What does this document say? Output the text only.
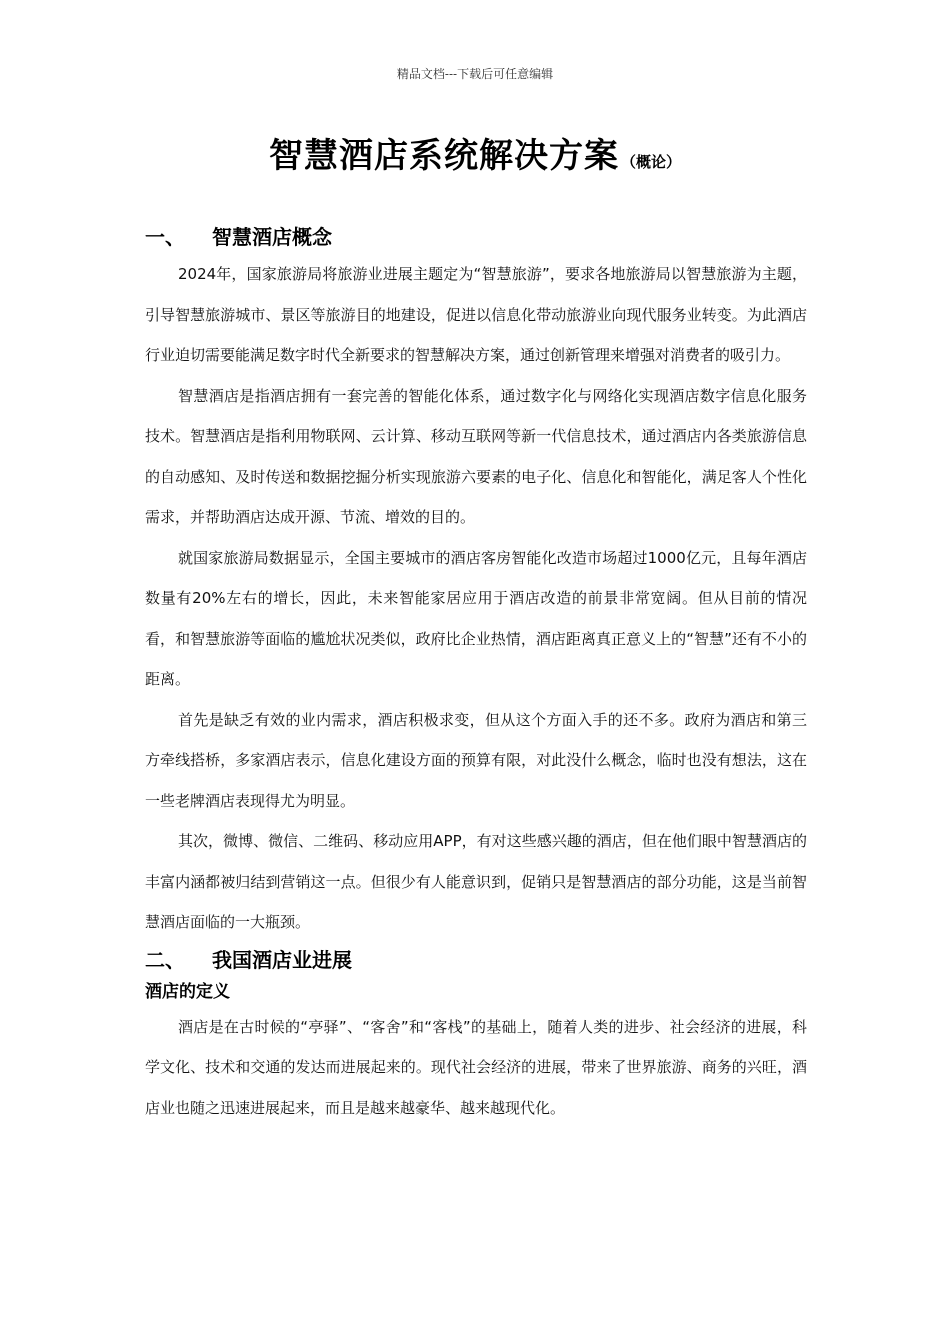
精品文档---下载后可任意编辑
智慧酒店系统解决方案 （概论）
一、 智慧酒店概念

2024年，国家旅游局将旅游业进展主题定为“智慧旅游”，要求各地旅游局以智慧旅游为主题，引导智慧旅游城市、景区等旅游目的地建设，促进以信息化带动旅游业向现代服务业转变。为此酒店行业迫切需要能满足数字时代全新要求的智慧解决方案，通过创新管理来增强对消费者的吸引力。

智慧酒店是指酒店拥有一套完善的智能化体系，通过数字化与网络化实现酒店数字信息化服务技术。智慧酒店是指利用物联网、云计算、移动互联网等新一代信息技术，通过酒店内各类旅游信息的自动感知、及时传送和数据挖掘分析实现旅游六要素的电子化、信息化和智能化，满足客人个性化需求，并帮助酒店达成开源、节流、增效的目的。

就国家旅游局数据显示，全国主要城市的酒店客房智能化改造市场超过1000亿元，且每年酒店数量有20%左右的增长，因此，未来智能家居应用于酒店改造的前景非常宽阔。但从目前的情况看，和智慧旅游等面临的尴尬状况类似，政府比企业热情，酒店距离真正意义上的“智慧”还有不小的距离。

首先是缺乏有效的业内需求，酒店积极求变，但从这个方面入手的还不多。政府为酒店和第三方牵线搭桥，多家酒店表示，信息化建设方面的预算有限，对此没什么概念，临时也没有想法，这在一些老牌酒店表现得尤为明显。

其次，微博、微信、二维码、移动应用APP，有对这些感兴趣的酒店，但在他们眼中智慧酒店的丰富内涵都被归结到营销这一点。但很少有人能意识到，促销只是智慧酒店的部分功能，这是当前智慧酒店面临的一大瓶颈。

二、 我国酒店业进展
酒店的定义

酒店是在古时候的“亭驿”、“客舍”和“客栈”的基础上，随着人类的进步、社会经济的进展，科学文化、技术和交通的发达而进展起来的。现代社会经济的进展，带来了世界旅游、商务的兴旺，酒店业也随之迅速进展起来，而且是越来越豪华、越来越现代化。
